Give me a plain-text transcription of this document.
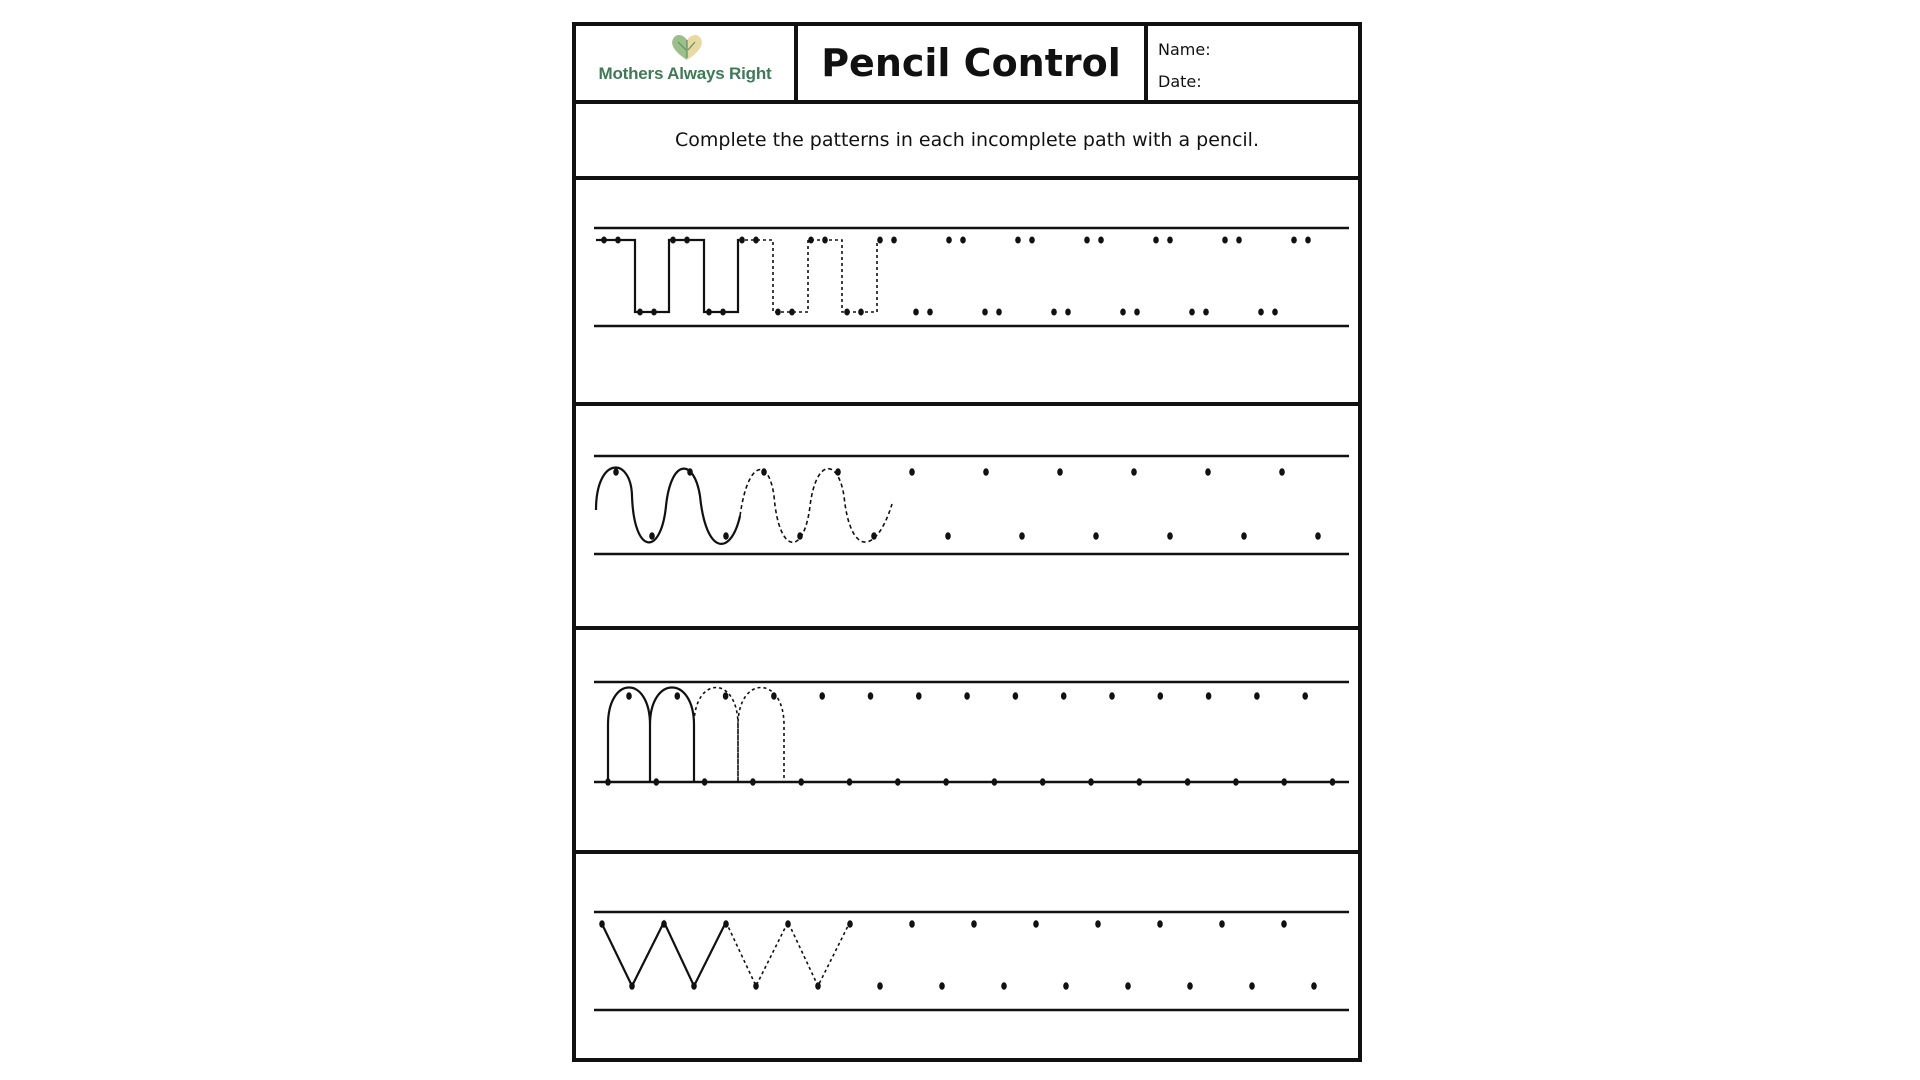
Mothers Always Right	Pencil Control Name:
Date:
Complete the patterns in each incomplete path with a pencil.
